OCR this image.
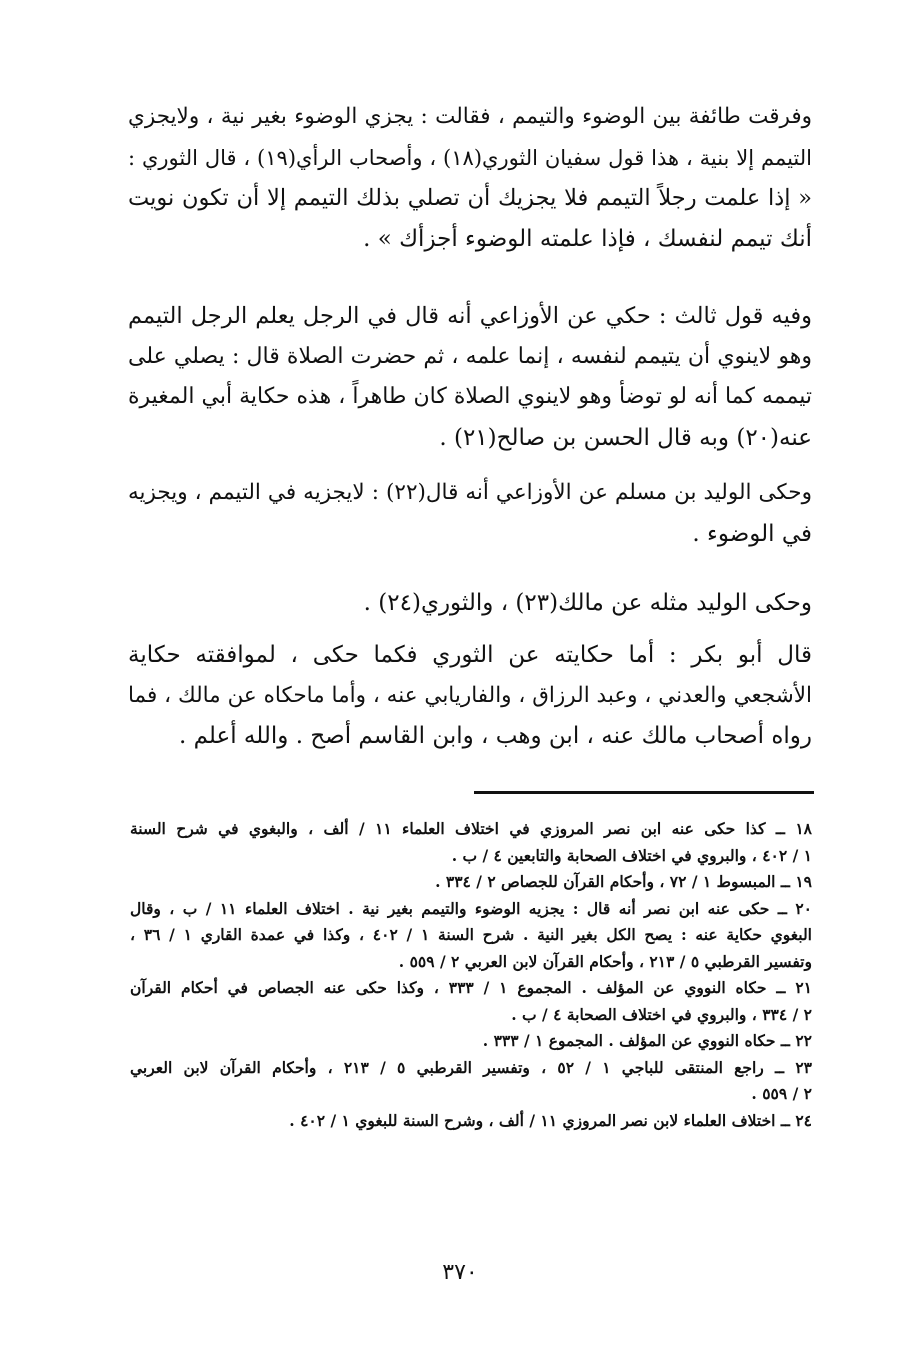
وفرقت طائفة بين الوضوء والتيمم ، فقالت : يجزي الوضوء بغير نية ، ولايجزي
التيمم إلا بنية ، هذا قول سفيان الثوري(١٨) ، وأصحاب الرأي(١٩) ، قال الثوري :
« إذا علمت رجلاً التيمم فلا يجزيك أن تصلي بذلك التيمم إلا أن تكون نويت
أنك تيمم لنفسك ، فإذا علمته الوضوء أجزأك » .

وفيه قول ثالث : حكي عن الأوزاعي أنه قال في الرجل يعلم الرجل التيمم
وهو لاينوي أن يتيمم لنفسه ، إنما علمه ، ثم حضرت الصلاة قال : يصلي على
تيممه كما أنه لو توضأ وهو لاينوي الصلاة كان طاهراً ، هذه حكاية أبي المغيرة
عنه(٢٠) وبه قال الحسن بن صالح(٢١) .

وحكى الوليد بن مسلم عن الأوزاعي أنه قال(٢٢) : لايجزيه في التيمم ، ويجزيه
في الوضوء .

وحكى الوليد مثله عن مالك(٢٣) ، والثوري(٢٤) .

قال أبو بكر : أما حكايته عن الثوري فكما حكى ، لموافقته حكاية
الأشجعي والعدني ، وعبد الرزاق ، والفاريابي عنه ، وأما ماحكاه عن مالك ، فما
رواه أصحاب مالك عنه ، ابن وهب ، وابن القاسم أصح . والله أعلم .

١٨ ــ كذا حكى عنه ابن نصر المروزي في اختلاف العلماء ١١ / ألف ، والبغوي في شرح السنة
١ / ٤٠٢ ، والبروي في اختلاف الصحابة والتابعين ٤ / ب .
١٩ ــ المبسوط ١ / ٧٢ ، وأحكام القرآن للجصاص ٢ / ٣٣٤ .
٢٠ ــ حكى عنه ابن نصر أنه قال : يجزيه الوضوء والتيمم بغير نية . اختلاف العلماء ١١ / ب ، وقال
البغوي حكاية عنه : يصح الكل بغير النية . شرح السنة ١ / ٤٠٢ ، وكذا في عمدة القاري ١ / ٣٦ ،
وتفسير القرطبي ٥ / ٢١٣ ، وأحكام القرآن لابن العربي ٢ / ٥٥٩ .
٢١ ــ حكاه النووي عن المؤلف . المجموع ١ / ٣٣٣ ، وكذا حكى عنه الجصاص في أحكام القرآن
٢ / ٣٣٤ ، والبروي في اختلاف الصحابة ٤ / ب .
٢٢ ــ حكاه النووي عن المؤلف . المجموع ١ / ٣٣٣ .
٢٣ ــ راجع المنتقى للباجي ١ / ٥٢ ، وتفسير القرطبي ٥ / ٢١٣ ، وأحكام القرآن لابن العربي
٢ / ٥٥٩ .
٢٤ ــ اختلاف العلماء لابن نصر المروزي ١١ / ألف ، وشرح السنة للبغوي ١ / ٤٠٢ .
٣٧٠
